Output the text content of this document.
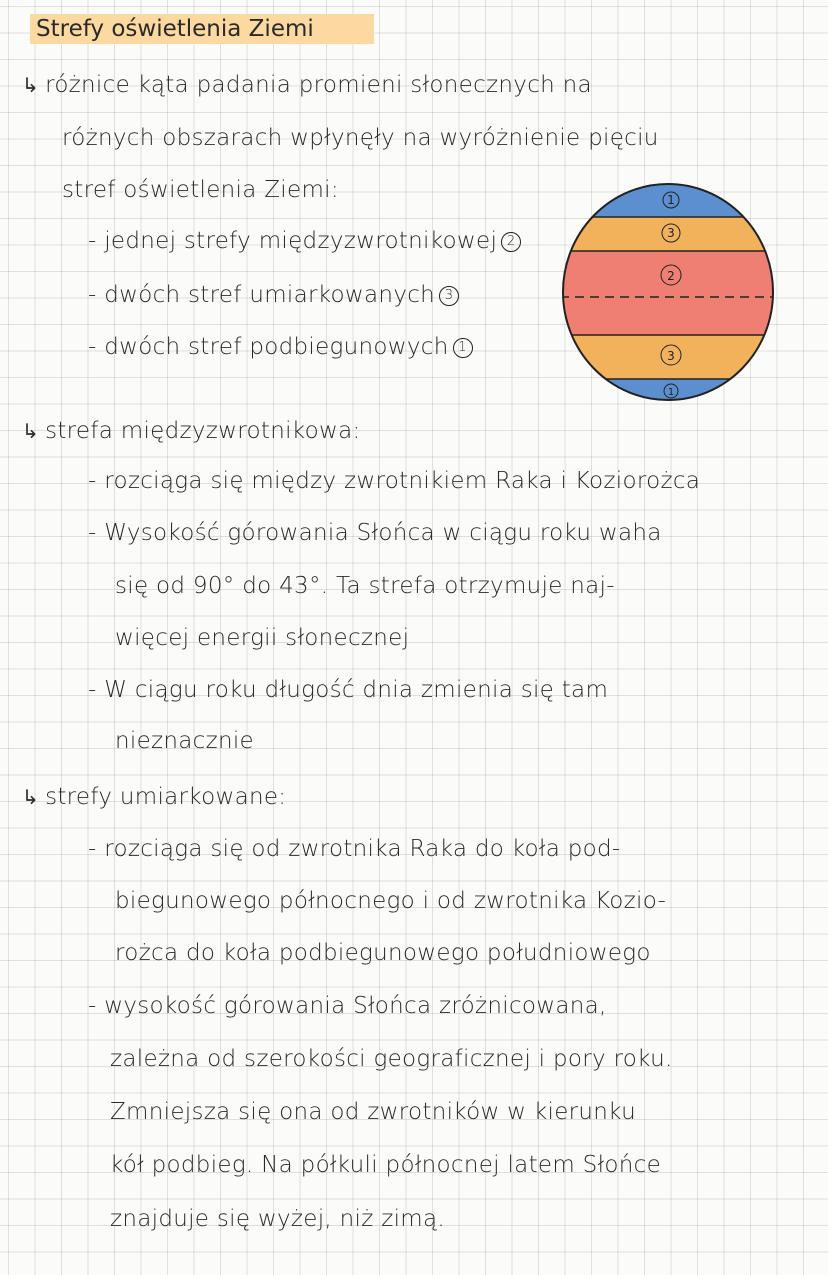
Strefy oświetlenia Ziemi
↳ różnice kąta padania promieni słonecznych na
różnych obszarach wpłynęły na wyróżnienie pięciu
stref oświetlenia Ziemi:
- jednej strefy międzyzwrotnikowej 2
- dwóch stref umiarkowanych 3
- dwóch stref podbiegunowych 1
1
3
2
3
1
↳ strefa międzyzwrotnikowa:
- rozciąga się między zwrotnikiem Raka i Koziorożca
- Wysokość górowania Słońca w ciągu roku waha
się od 90° do 43°. Ta strefa otrzymuje naj-
więcej energii słonecznej
- W ciągu roku długość dnia zmienia się tam
nieznacznie
↳ strefy umiarkowane:
- rozciąga się od zwrotnika Raka do koła pod-
biegunowego północnego i od zwrotnika Kozio-
rożca do koła podbiegunowego południowego
- wysokość górowania Słońca zróżnicowana,
zależna od szerokości geograficznej i pory roku.
Zmniejsza się ona od zwrotników w kierunku
kół podbieg. Na półkuli północnej latem Słońce
znajduje się wyżej, niż zimą.
